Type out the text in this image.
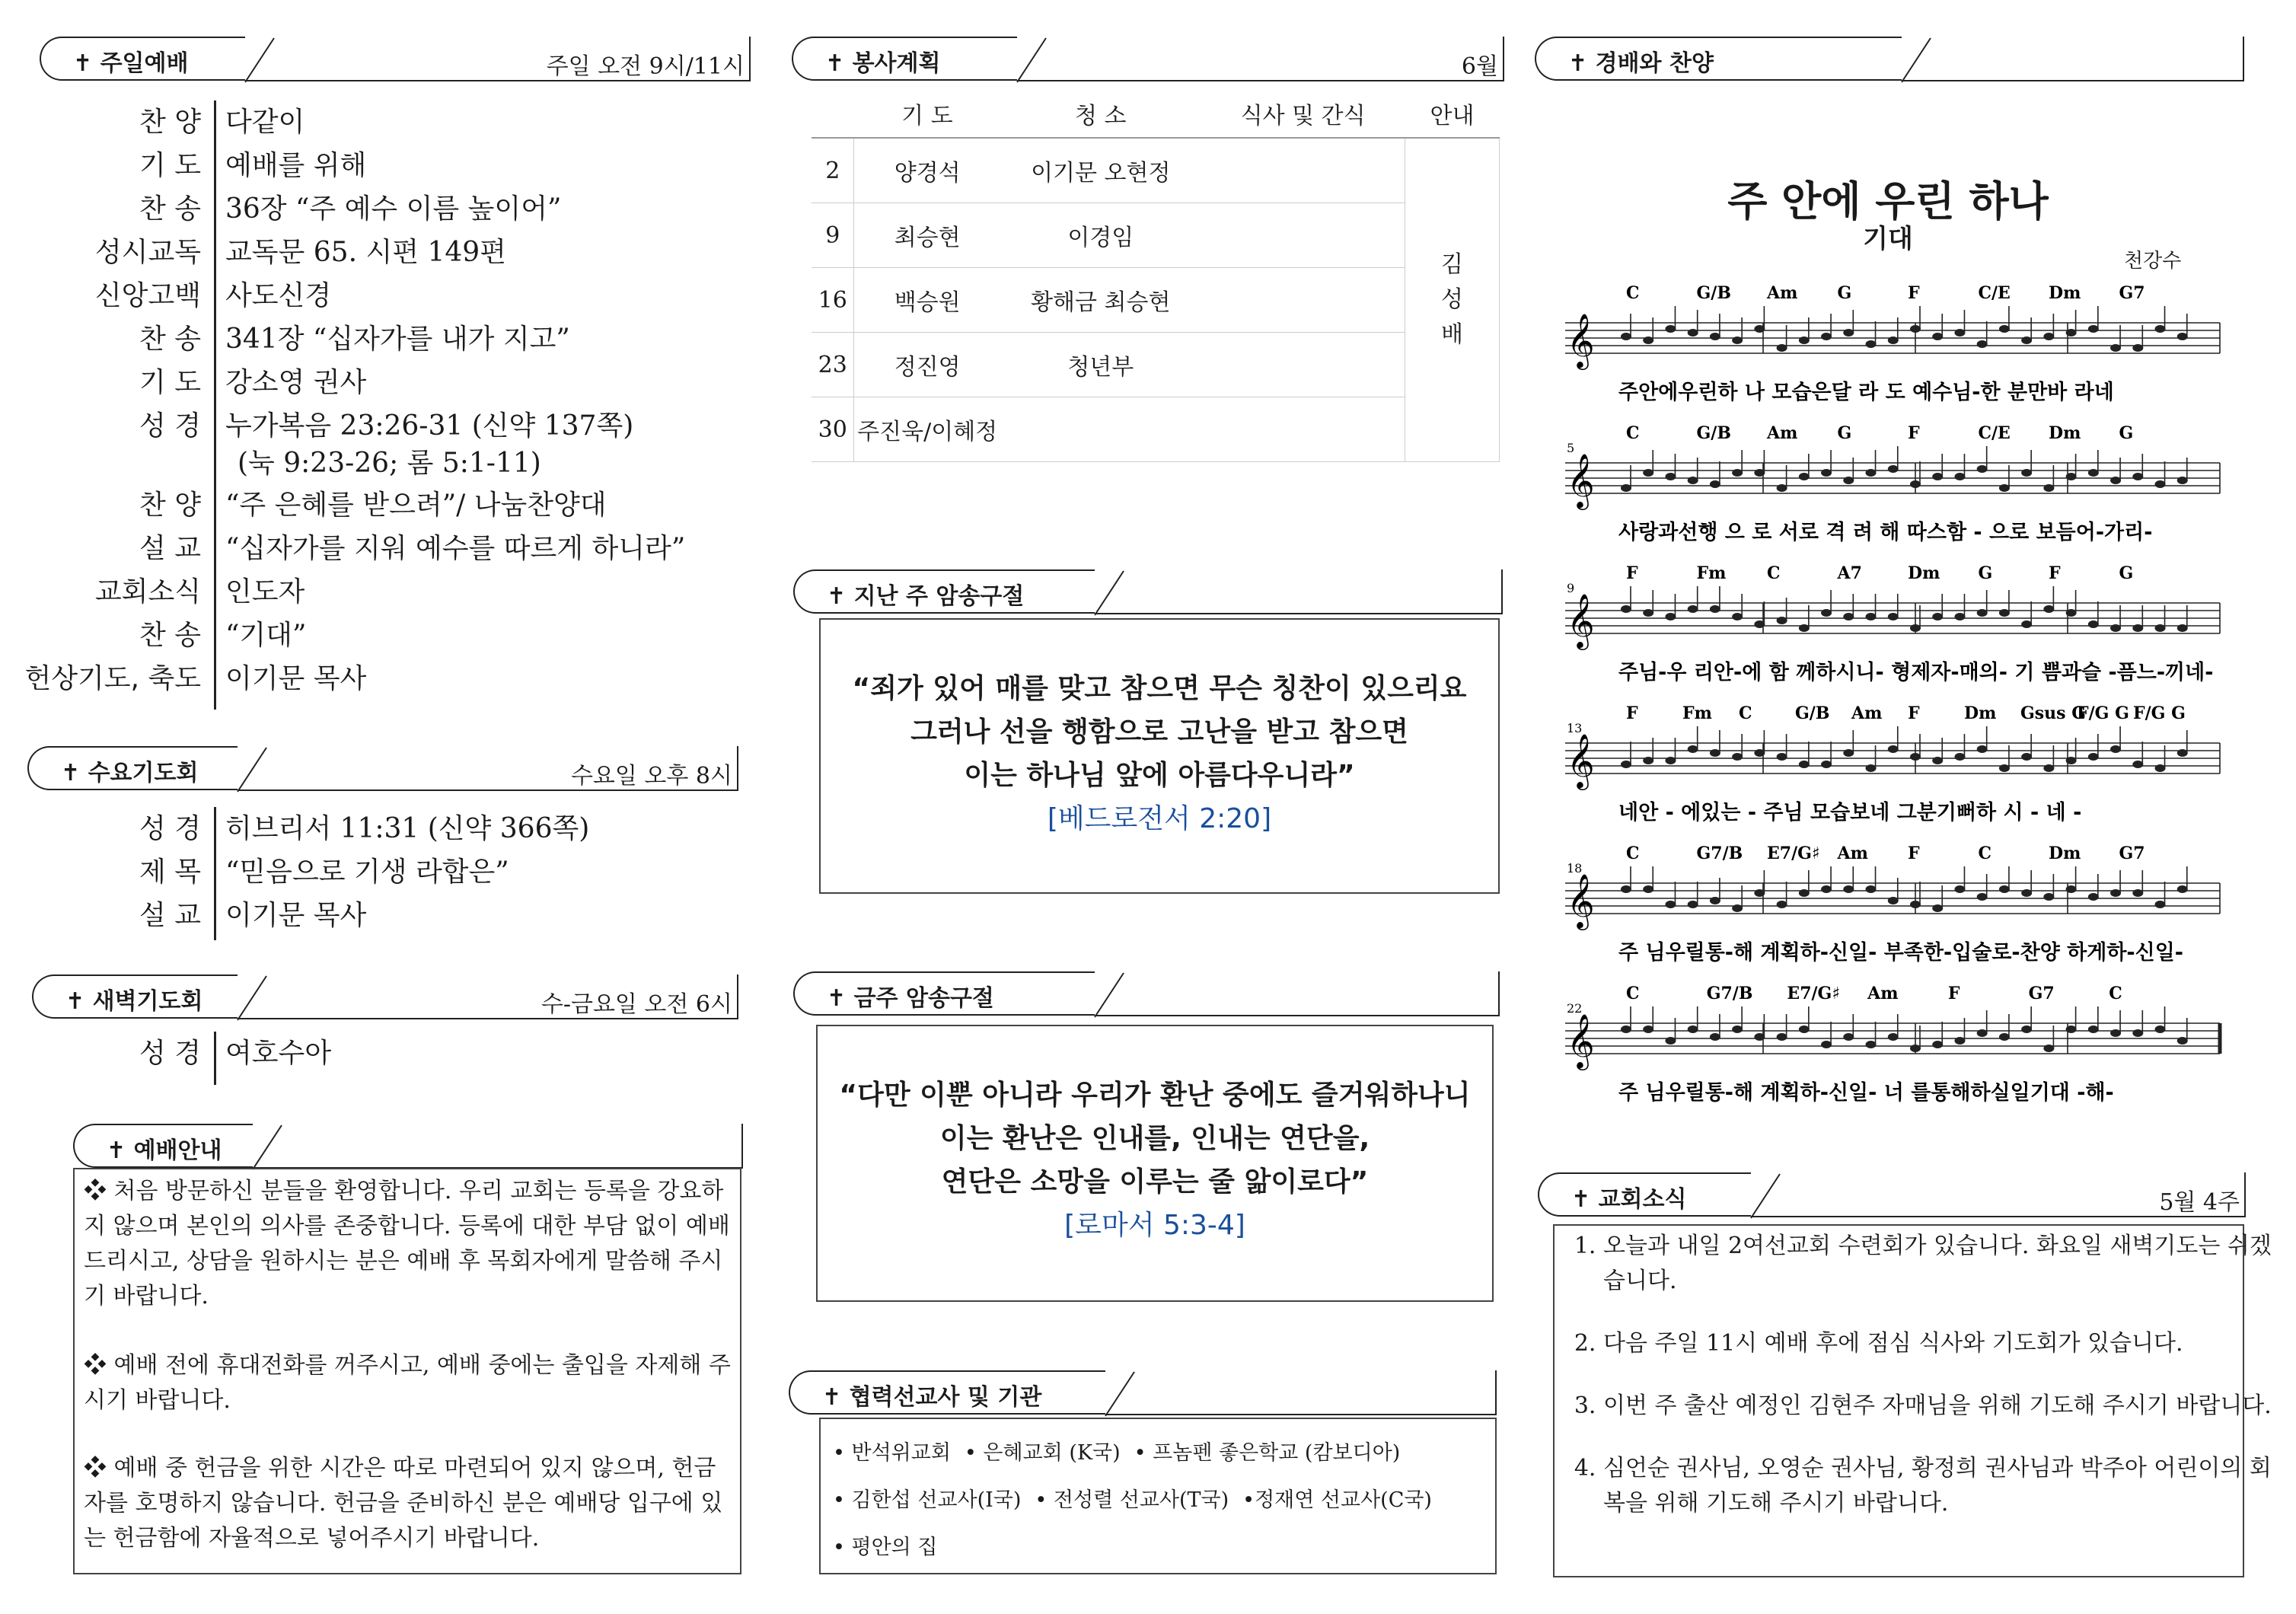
✝ 주일예배	주일 오전 9시/11시
찬 양 다같이
기 도 예배를 위해
찬 송 36장 “주 예수 이름 높이어”
성시교독 교독문 65. 시편 149편
신앙고백 사도신경
찬 송 341장 “십자가를 내가 지고”
기 도 강소영 권사
성 경 누가복음 23:26-31 (신약 137쪽)
(눅 9:23-26; 롬 5:1-11)
찬 양 “주 은혜를 받으려”/ 나눔찬양대
설 교 “십자가를 지워 예수를 따르게 하니라”
교회소식 인도자
찬 송 “기대”
헌상기도, 축도 이기문 목사
✝ 수요기도회	수요일 오후 8시
성 경 히브리서 11:31 (신약 366쪽)
제 목 “믿음으로 기생 라합은”
설 교 이기문 목사
✝ 새벽기도회	수-금요일 오전 6시
성 경 여호수아
✝ 예배안내
❖ 처음 방문하신 분들을 환영합니다. 우리 교회는 등록을 강요하지 않으며 본인의 의사를 존중합니다. 등록에 대한 부담 없이 예배드리시고, 상담을 원하시는 분은 예배 후 목회자에게 말씀해 주시기 바랍니다.
❖ 예배 전에 휴대전화를 꺼주시고, 예배 중에는 출입을 자제해 주시기 바랍니다.
❖ 예배 중 헌금을 위한 시간은 따로 마련되어 있지 않으며, 헌금자를 호명하지 않습니다. 헌금을 준비하신 분은 예배당 입구에 있는 헌금함에 자율적으로 넣어주시기 바랍니다.
✝ 봉사계획	6월
	기 도	청 소	식사 및 간식	안내
2	양경석	이기문 오현정		김
성
배

9	최승현	이경임		
16	백승원	황해금 최승현		
23	정진영	청년부		
30	주진욱/이혜정			
✝ 지난 주 암송구절
“죄가 있어 매를 맞고 참으면 무슨 칭찬이 있으리요
그러나 선을 행함으로 고난을 받고 참으면
이는 하나님 앞에 아름다우니라”
[베드로전서 2:20]
✝ 금주 암송구절
“다만 이뿐 아니라 우리가 환난 중에도 즐거워하나니
이는 환난은 인내를, 인내는 연단을,
연단은 소망을 이루는 줄 앎이로다”
[로마서 5:3-4]
✝ 협력선교사 및 기관
• 반석위교회 • 은혜교회 (K국) • 프놈펜 좋은학교 (캄보디아)
• 김한섭 선교사(I국) • 전성렬 선교사(T국) •정재연 선교사(C국)
• 평안의 집
✝ 경배와 찬양
주 안에 우린 하나
기대
천강수
𝄞
C	G/B Am G	F	C/E Dm G7
주안에우린하 나 모습은달 라 도 예수님-한 분만바 라네
𝄞
5
C	G/B Am G	F	C/E Dm G
사랑과선행 으 로 서로 격 려 해 따스함 - 으로 보듬어-가리-
𝄞
9
F	Fm C	A7	Dm G	F	G
주님-우 리안-에 함 께하시니- 형제자-매의- 기 쁨과슬 -픔느-끼네-
𝄞
13
F	Fm C	G/B Am F	Dm Gsus G
F/G G F/G G
네안 - 에있는 - 주님 모습보네 그분기뻐하 시 - 네 -
𝄞
18
C	G7/B E7/G♯ Am F	C	Dm G7
주 님우릴통-해 계획하-신일- 부족한-입술로-찬양 하게하-신일-
𝄞
22
C	G7/B E7/G♯ Am	F	G7	C
주 님우릴통-해 계획하-신일- 너 를통해하실일기대 -해-
✝ 교회소식	5월 4주
1. 오늘과 내일 2여선교회 수련회가 있습니다. 화요일 새벽기도는 쉬겠습니다.
2. 다음 주일 11시 예배 후에 점심 식사와 기도회가 있습니다.
3. 이번 주 출산 예정인 김현주 자매님을 위해 기도해 주시기 바랍니다.
4. 심언순 권사님, 오영순 권사님, 황정희 권사님과 박주아 어린이의 회복을 위해 기도해 주시기 바랍니다.
